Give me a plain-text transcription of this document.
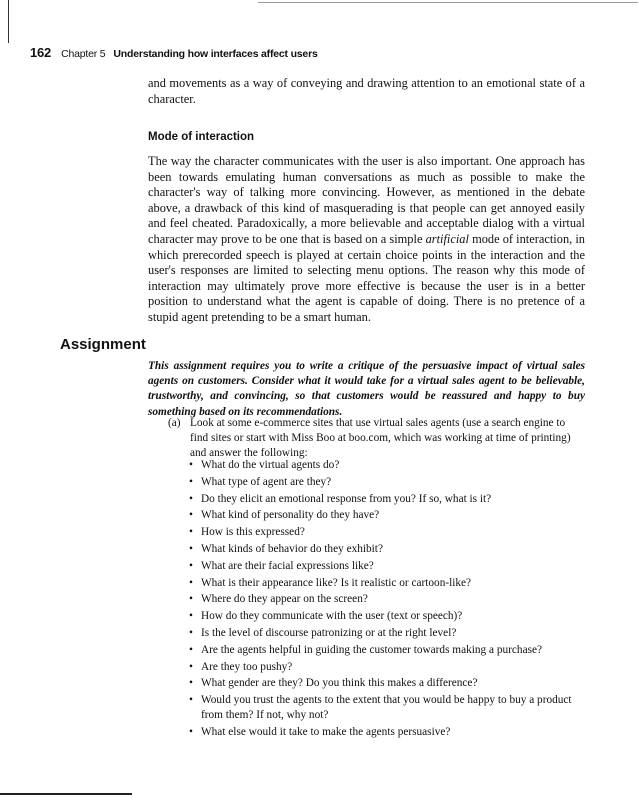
162 Chapter 5 Understanding how interfaces affect users

and movements as a way of conveying and drawing attention to an emotional state of a character.

Mode of interaction

The way the character communicates with the user is also important. One approach has been towards emulating human conversations as much as possible to make the character's way of talking more convincing. However, as mentioned in the debate above, a drawback of this kind of masquerading is that people can get annoyed easily and feel cheated. Paradoxically, a more believable and acceptable dialog with a virtual character may prove to be one that is based on a simple artificial mode of interaction, in which prerecorded speech is played at certain choice points in the interaction and the user's responses are limited to selecting menu options. The reason why this mode of interaction may ultimately prove more effective is because the user is in a better position to understand what the agent is capable of doing. There is no pretence of a stupid agent pretending to be a smart human.

Assignment

This assignment requires you to write a critique of the persuasive impact of virtual sales agents on customers. Consider what it would take for a virtual sales agent to be believable, trustworthy, and convincing, so that customers would be reassured and happy to buy something based on its recommendations.

(a) Look at some e-commerce sites that use virtual sales agents (use a search engine to find sites or start with Miss Boo at boo.com, which was working at time of printing) and answer the following:
• What do the virtual agents do?
• What type of agent are they?
• Do they elicit an emotional response from you? If so, what is it?
• What kind of personality do they have?
• How is this expressed?
• What kinds of behavior do they exhibit?
• What are their facial expressions like?
• What is their appearance like? Is it realistic or cartoon-like?
• Where do they appear on the screen?
• How do they communicate with the user (text or speech)?
• Is the level of discourse patronizing or at the right level?
• Are the agents helpful in guiding the customer towards making a purchase?
• Are they too pushy?
• What gender are they? Do you think this makes a difference?
• Would you trust the agents to the extent that you would be happy to buy a product from them? If not, why not?
• What else would it take to make the agents persuasive?
